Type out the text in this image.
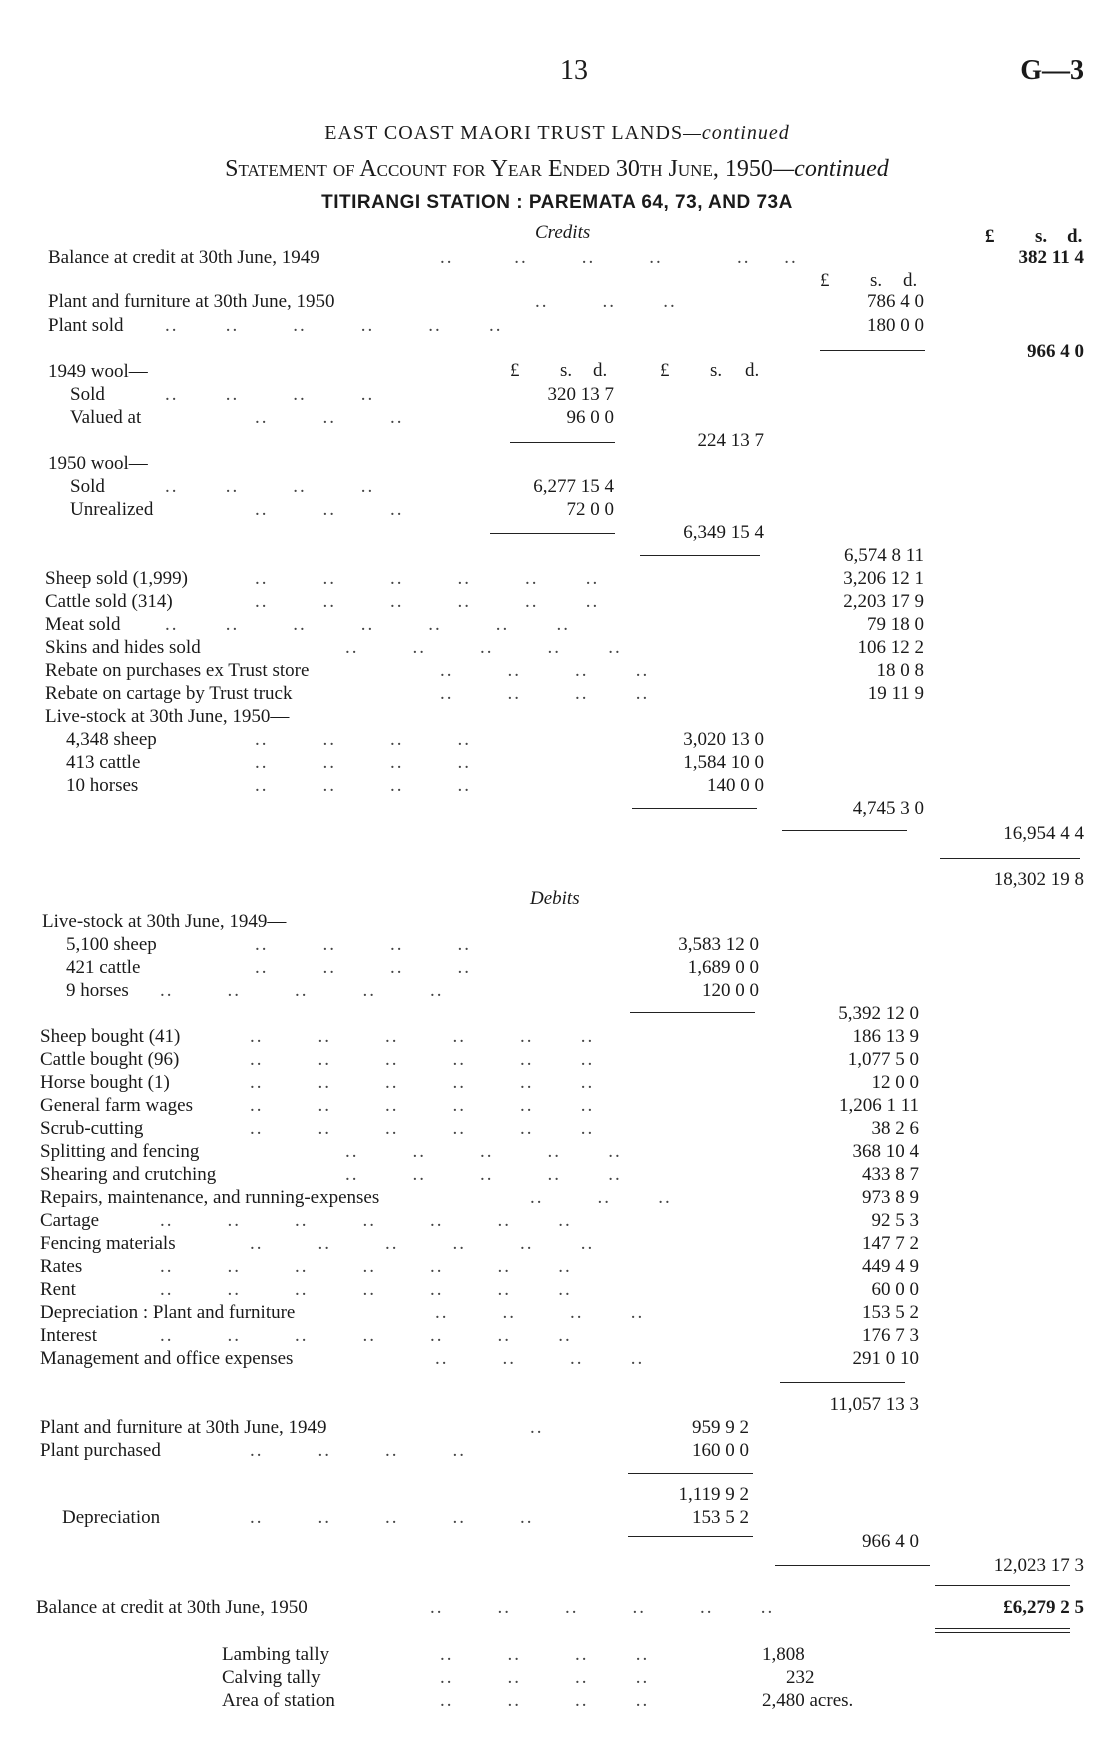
13	G—3
EAST COAST MAORI TRUST LANDS—continued
Statement of Account for Year Ended 30th June, 1950—continued
TITIRANGI STATION : PAREMATA 64, 73, AND 73A
Credits	£ s. d.
Balance at credit at 30th June, 1949	..         ..        ..        ..           ..     ..	382 11 4
£ s. d.
Plant and furniture at 30th June, 1950	..        ..       ..	786 4 0
Plant sold ..       ..        ..        ..        ..       ..	180 0 0
966 4 0
£ s. d.	£ s. d.
1949 wool—
Sold	..       ..        ..        ..	320 13 7
Valued at	..        ..        ..	96 0 0
224 13 7
1950 wool—
Sold	..       ..        ..        ..	6,277 15 4
Unrealized	..        ..        ..	72 0 0
6,349 15 4
6,574 8 11
Sheep sold (1,999)	..        ..        ..        ..        ..       ..	3,206 12 1
Cattle sold (314)	..        ..        ..        ..        ..       ..	2,203 17 9
Meat sold ..       ..        ..        ..        ..        ..       ..	79 18 0
Skins and hides sold	..        ..        ..        ..       ..	106 12 2
Rebate on purchases ex Trust store	..        ..        ..       ..	18 0 8
Rebate on cartage by Trust truck	..        ..        ..       ..	19 11 9
Live-stock at 30th June, 1950—
4,348 sheep	..        ..        ..        ..	3,020 13 0
413 cattle	..        ..        ..        ..	1,584 10 0
10 horses	..        ..        ..        ..	140 0 0
4,745 3 0
16,954 4 4
18,302 19 8
Debits
Live-stock at 30th June, 1949—
5,100 sheep	..        ..        ..        ..	3,583 12 0
421 cattle	..        ..        ..        ..	1,689 0 0
9 horses ..        ..        ..        ..        ..	120 0 0
5,392 12 0
Sheep bought (41)	..        ..        ..        ..        ..       ..	186 13 9
Cattle bought (96)	..        ..        ..        ..        ..       ..	1,077 5 0
Horse bought (1)	..        ..        ..        ..        ..       ..	12 0 0
General farm wages	..        ..        ..        ..        ..       ..	1,206 1 11
Scrub-cutting	..        ..        ..        ..        ..       ..	38 2 6
Splitting and fencing	..        ..        ..        ..       ..	368 10 4
Shearing and crutching	..        ..        ..        ..       ..	433 8 7
Repairs, maintenance, and running-expenses	..        ..       ..	973 8 9
Cartage	..        ..        ..        ..        ..        ..       ..	92 5 3
Fencing materials	..        ..        ..        ..        ..       ..	147 7 2
Rates	..        ..        ..        ..        ..        ..       ..	449 4 9
Rent	..        ..        ..        ..        ..        ..       ..	60 0 0
Depreciation : Plant and furniture	..        ..        ..       ..	153 5 2
Interest	..        ..        ..        ..        ..        ..       ..	176 7 3
Management and office expenses	..        ..        ..       ..	291 0 10
11,057 13 3
Plant and furniture at 30th June, 1949	..	959 9 2
Plant purchased	..        ..        ..        ..	160 0 0
1,119 9 2
Depreciation	..        ..        ..        ..        ..	153 5 2
966 4 0
12,023 17 3
Balance at credit at 30th June, 1950	..        ..        ..        ..        ..       ..	£6,279 2 5
Lambing tally	..        ..        ..       ..	1,808
Calving tally	..        ..        ..       ..	232
Area of station	..        ..        ..       ..	2,480 acres.
